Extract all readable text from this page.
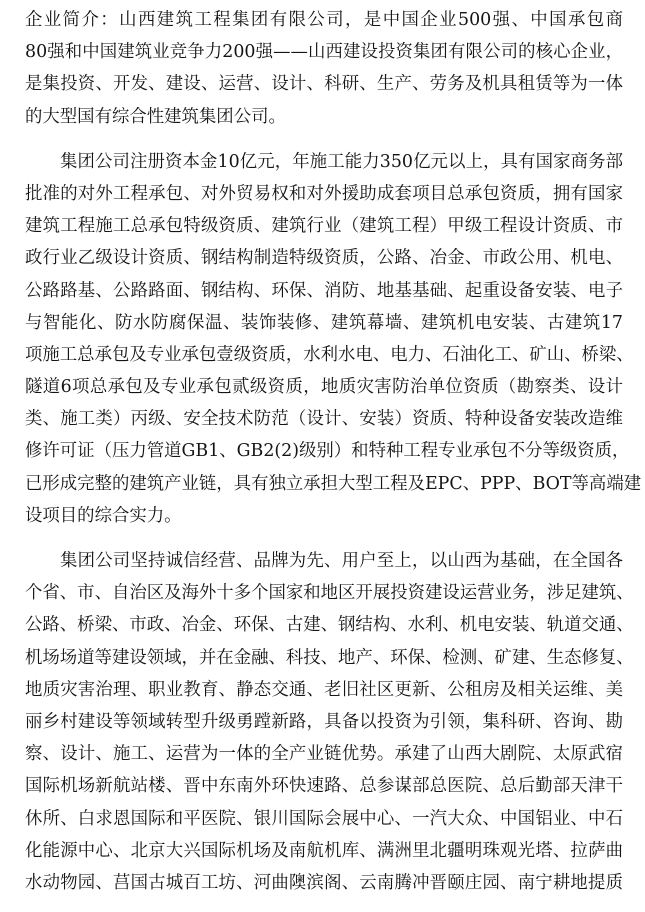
企业简介：山西建筑工程集团有限公司，是中国企业500强、中国承包商
80强和中国建筑业竞争力200强——山西建设投资集团有限公司的核心企业，
是集投资、开发、建设、运营、设计、科研、生产、劳务及机具租赁等为一体
的大型国有综合性建筑集团公司。
集团公司注册资本金10亿元，年施工能力350亿元以上，具有国家商务部
批准的对外工程承包、对外贸易权和对外援助成套项目总承包资质，拥有国家
建筑工程施工总承包特级资质、建筑行业（建筑工程）甲级工程设计资质、市
政行业乙级设计资质、钢结构制造特级资质，公路、冶金、市政公用、机电、
公路路基、公路路面、钢结构、环保、消防、地基基础、起重设备安装、电子
与智能化、防水防腐保温、装饰装修、建筑幕墙、建筑机电安装、古建筑17
项施工总承包及专业承包壹级资质，水利水电、电力、石油化工、矿山、桥梁、
隧道6项总承包及专业承包贰级资质，地质灾害防治单位资质（勘察类、设计
类、施工类）丙级、安全技术防范（设计、安装）资质、特种设备安装改造维
修许可证（压力管道GB1、GB2(2)级别）和特种工程专业承包不分等级资质，
已形成完整的建筑产业链，具有独立承担大型工程及EPC、PPP、BOT等高端建
设项目的综合实力。
集团公司坚持诚信经营、品牌为先、用户至上，以山西为基础，在全国各
个省、市、自治区及海外十多个国家和地区开展投资建设运营业务，涉足建筑、
公路、桥梁、市政、冶金、环保、古建、钢结构、水利、机电安装、轨道交通、
机场场道等建设领域，并在金融、科技、地产、环保、检测、矿建、生态修复、
地质灾害治理、职业教育、静态交通、老旧社区更新、公租房及相关运维、美
丽乡村建设等领域转型升级勇蹚新路，具备以投资为引领，集科研、咨询、勘
察、设计、施工、运营为一体的全产业链优势。承建了山西大剧院、太原武宿
国际机场新航站楼、晋中东南外环快速路、总参谋部总医院、总后勤部天津干
休所、白求恩国际和平医院、银川国际会展中心、一汽大众、中国铝业、中石
化能源中心、北京大兴国际机场及南航机库、满洲里北疆明珠观光塔、拉萨曲
水动物园、莒国古城百工坊、河曲隩滨阁、云南腾冲晋颐庄园、南宁耕地提质
